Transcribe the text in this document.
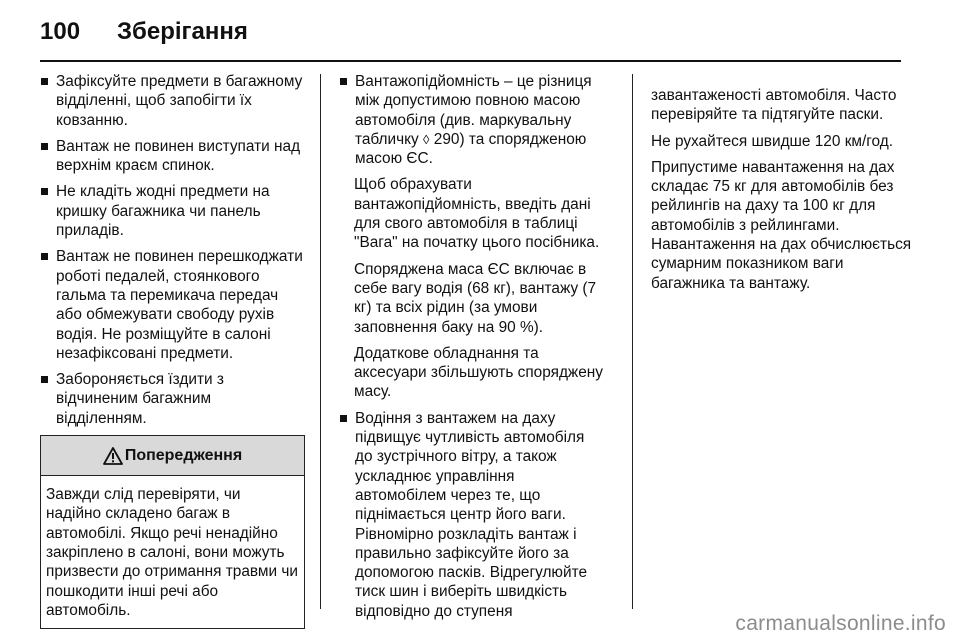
100 Зберігання
Зафіксуйте предмети в багажному відділенні, щоб запобігти їх ковзанню.
Вантаж не повинен виступати над верхнім краєм спинок.
Не кладіть жодні предмети на кришку багажника чи панель приладів.
Вантаж не повинен перешкоджати роботі педалей, стоянкового гальма та перемикача передач або обмежувати свободу рухів водія. Не розміщуйте в салоні незафіксовані предмети.
Забороняється їздити з відчиненим багажним відділенням.
Попередження
Завжди слід перевіряти, чи надійно складено багаж в автомобілі. Якщо речі ненадійно закріплено в салоні, вони можуть призвести до отримання травми чи пошкодити інші речі або автомобіль.
Вантажопідйомність – це різниця між допустимою повною масою автомобіля (див. маркувальну табличку ◊ 290) та спорядженою масою ЄС.
Щоб обрахувати вантажопідйомність, введіть дані для свого автомобіля в таблиці "Вага" на початку цього посібника.
Споряджена маса ЄС включає в себе вагу водія (68 кг), вантажу (7 кг) та всіх рідин (за умови заповнення баку на 90 %).
Додаткове обладнання та аксесуари збільшують споряджену масу.
Водіння з вантажем на даху підвищує чутливість автомобіля до зустрічного вітру, а також ускладнює управління автомобілем через те, що піднімається центр його ваги. Рівномірно розкладіть вантаж і правильно зафіксуйте його за допомогою пасків. Відрегулюйте тиск шин і виберіть швидкість відповідно до ступеня
завантаженості автомобіля. Часто перевіряйте та підтягуйте паски.
Не рухайтеся швидше 120 км/год.
Припустиме навантаження на дах складає 75 кг для автомобілів без рейлингів на даху та 100 кг для автомобілів з рейлингами. Навантаження на дах обчислюється сумарним показником ваги багажника та вантажу.
carmanualsonline.info
